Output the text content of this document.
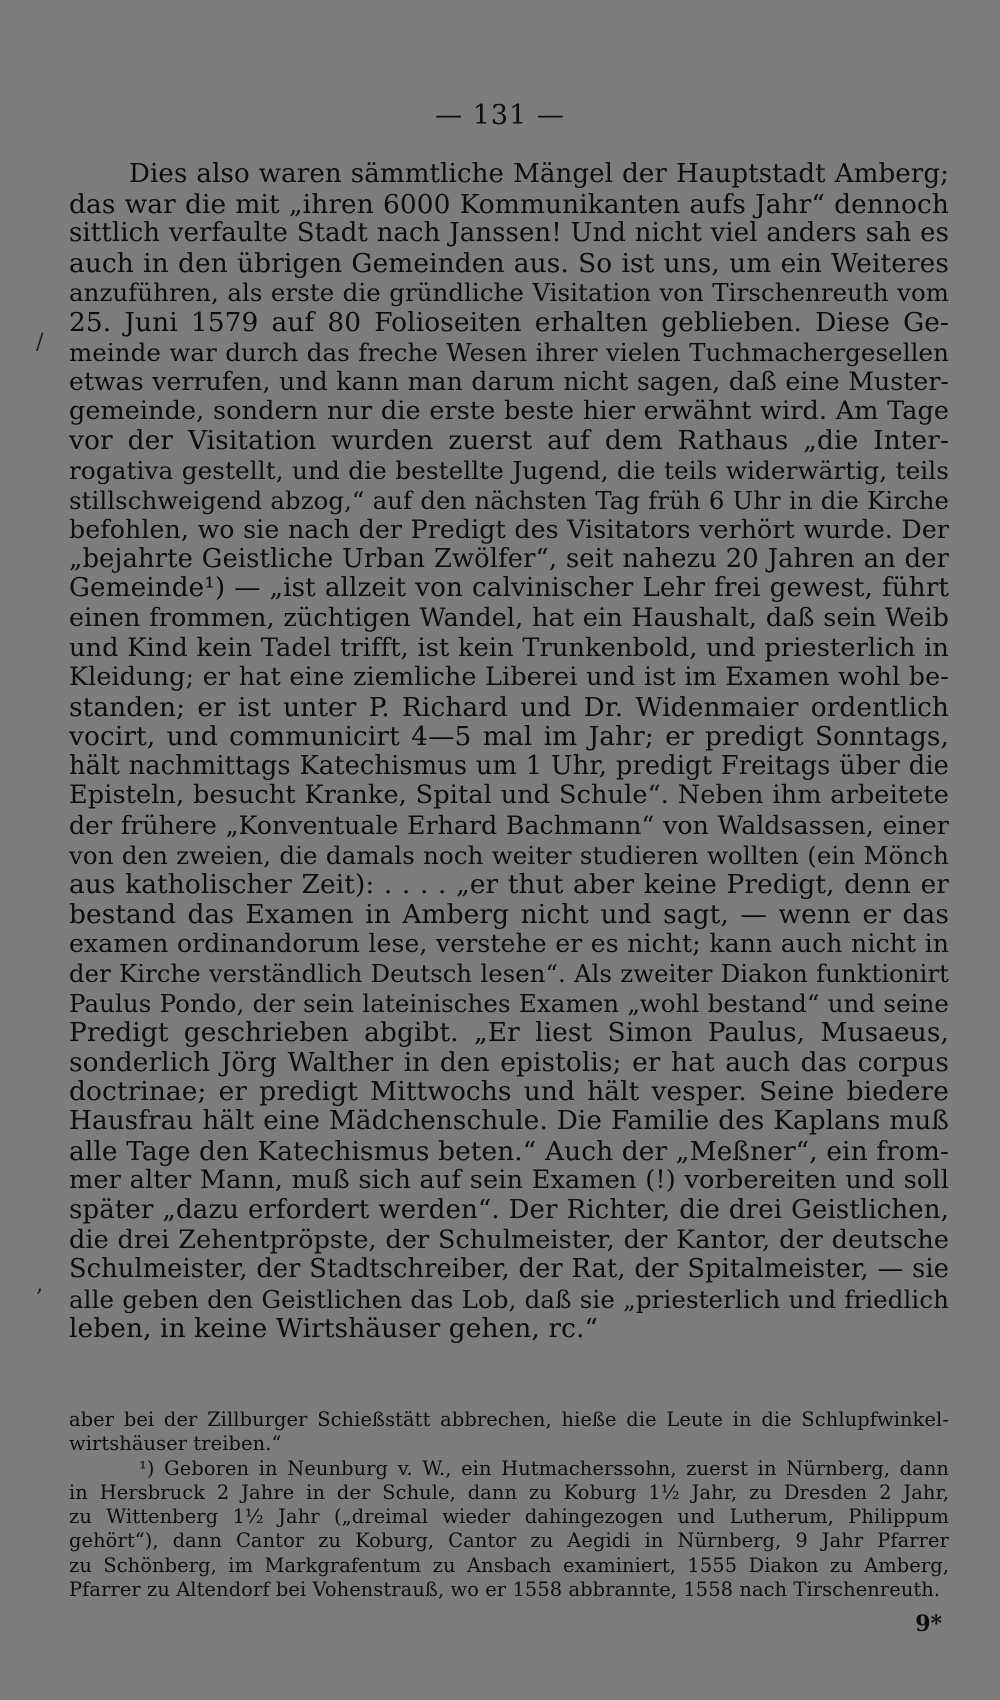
— 131 —
/
‚
Dies also waren sämmtliche Mängel der Hauptstadt Amberg;
das war die mit „ihren 6000 Kommunikanten aufs Jahr“ dennoch
sittlich verfaulte Stadt nach Janssen! Und nicht viel anders sah es
auch in den übrigen Gemeinden aus. So ist uns, um ein Weiteres
anzuführen, als erste die gründliche Visitation von Tirschenreuth vom
25. Juni 1579 auf 80 Folioseiten erhalten geblieben. Diese Ge-
meinde war durch das freche Wesen ihrer vielen Tuchmachergesellen
etwas verrufen, und kann man darum nicht sagen, daß eine Muster-
gemeinde, sondern nur die erste beste hier erwähnt wird. Am Tage
vor der Visitation wurden zuerst auf dem Rathaus „die Inter-
rogativa gestellt, und die bestellte Jugend, die teils widerwärtig, teils
stillschweigend abzog,“ auf den nächsten Tag früh 6 Uhr in die Kirche
befohlen, wo sie nach der Predigt des Visitators verhört wurde. Der
„bejahrte Geistliche Urban Zwölfer“, seit nahezu 20 Jahren an der
Gemeinde¹) — „ist allzeit von calvinischer Lehr frei gewest, führt
einen frommen, züchtigen Wandel, hat ein Haushalt, daß sein Weib
und Kind kein Tadel trifft, ist kein Trunkenbold, und priesterlich in
Kleidung; er hat eine ziemliche Liberei und ist im Examen wohl be-
standen; er ist unter P. Richard und Dr. Widenmaier ordentlich
vocirt, und communicirt 4—5 mal im Jahr; er predigt Sonntags,
hält nachmittags Katechismus um 1 Uhr, predigt Freitags über die
Episteln, besucht Kranke, Spital und Schule“. Neben ihm arbeitete
der frühere „Konventuale Erhard Bachmann“ von Waldsassen, einer
von den zweien, die damals noch weiter studieren wollten (ein Mönch
aus katholischer Zeit): . . . . „er thut aber keine Predigt, denn er
bestand das Examen in Amberg nicht und sagt, — wenn er das
examen ordinandorum lese, verstehe er es nicht; kann auch nicht in
der Kirche verständlich Deutsch lesen“. Als zweiter Diakon funktionirt
Paulus Pondo, der sein lateinisches Examen „wohl bestand“ und seine
Predigt geschrieben abgibt. „Er liest Simon Paulus, Musaeus,
sonderlich Jörg Walther in den epistolis; er hat auch das corpus
doctrinae; er predigt Mittwochs und hält vesper. Seine biedere
Hausfrau hält eine Mädchenschule. Die Familie des Kaplans muß
alle Tage den Katechismus beten.“ Auch der „Meßner“, ein from-
mer alter Mann, muß sich auf sein Examen (!) vorbereiten und soll
später „dazu erfordert werden“. Der Richter, die drei Geistlichen,
die drei Zehentpröpste, der Schulmeister, der Kantor, der deutsche
Schulmeister, der Stadtschreiber, der Rat, der Spitalmeister, — sie
alle geben den Geistlichen das Lob, daß sie „priesterlich und friedlich
leben, in keine Wirtshäuser gehen, rc.“
aber bei der Zillburger Schießstätt abbrechen, hieße die Leute in die Schlupfwinkel-
wirtshäuser treiben.“
¹) Geboren in Neunburg v. W., ein Hutmacherssohn, zuerst in Nürnberg, dann
in Hersbruck 2 Jahre in der Schule, dann zu Koburg 1½ Jahr, zu Dresden 2 Jahr,
zu Wittenberg 1½ Jahr („dreimal wieder dahingezogen und Lutherum, Philippum
gehört“), dann Cantor zu Koburg, Cantor zu Aegidi in Nürnberg, 9 Jahr Pfarrer
zu Schönberg, im Markgrafentum zu Ansbach examiniert, 1555 Diakon zu Amberg,
Pfarrer zu Altendorf bei Vohenstrauß, wo er 1558 abbrannte, 1558 nach Tirschenreuth.
9*
